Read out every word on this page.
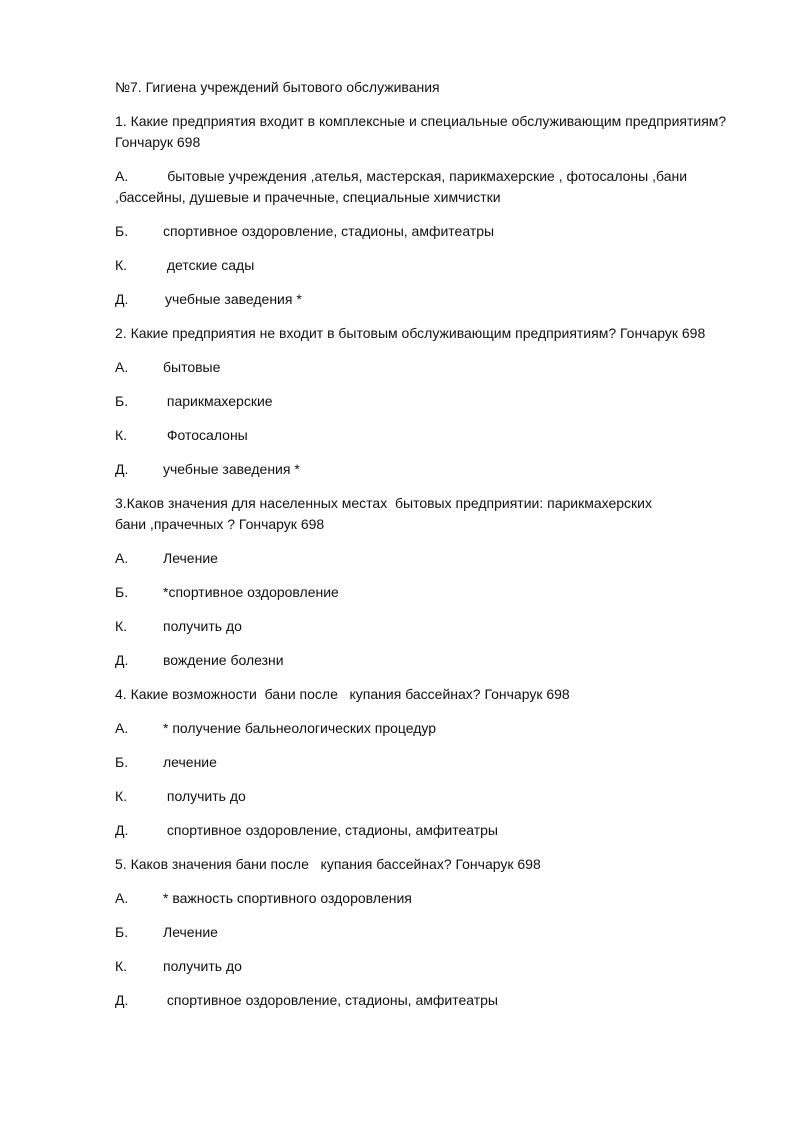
№7. Гигиена учреждений бытового обслуживания

1. Какие предприятия входит в комплексные и специальные обслуживающим предприятиям? Гончарук 698

А.	бытовые учреждения ,ателья, мастерская, парикмахерские , фотосалоны ,бани ,бассейны, душевые и прачечные, специальные химчистки

Б.	спортивное оздоровление, стадионы, амфитеатры

К.	детские сады

Д.	учебные заведения *

2. Какие предприятия не входит в бытовым обслуживающим предприятиям? Гончарук 698

А.	бытовые

Б.	парикмахерские

К.	Фотосалоны

Д.	учебные заведения *

3.Каков значения для населенных местах  бытовых предприятии: парикмахерских
бани ,прачечных ? Гончарук 698

А.	Лечение

Б.	*спортивное оздоровление

К.	получить до

Д.	вождение болезни

4. Какие возможности  бани после   купания бассейнах? Гончарук 698

А.	* получение бальнеологических процедур

Б.	лечение

К.	получить до

Д.	спортивное оздоровление, стадионы, амфитеатры

5. Каков значения бани после   купания бассейнах? Гончарук 698

А.	* важность спортивного оздоровления

Б.	Лечение

К.	получить до

Д.	спортивное оздоровление, стадионы, амфитеатры
